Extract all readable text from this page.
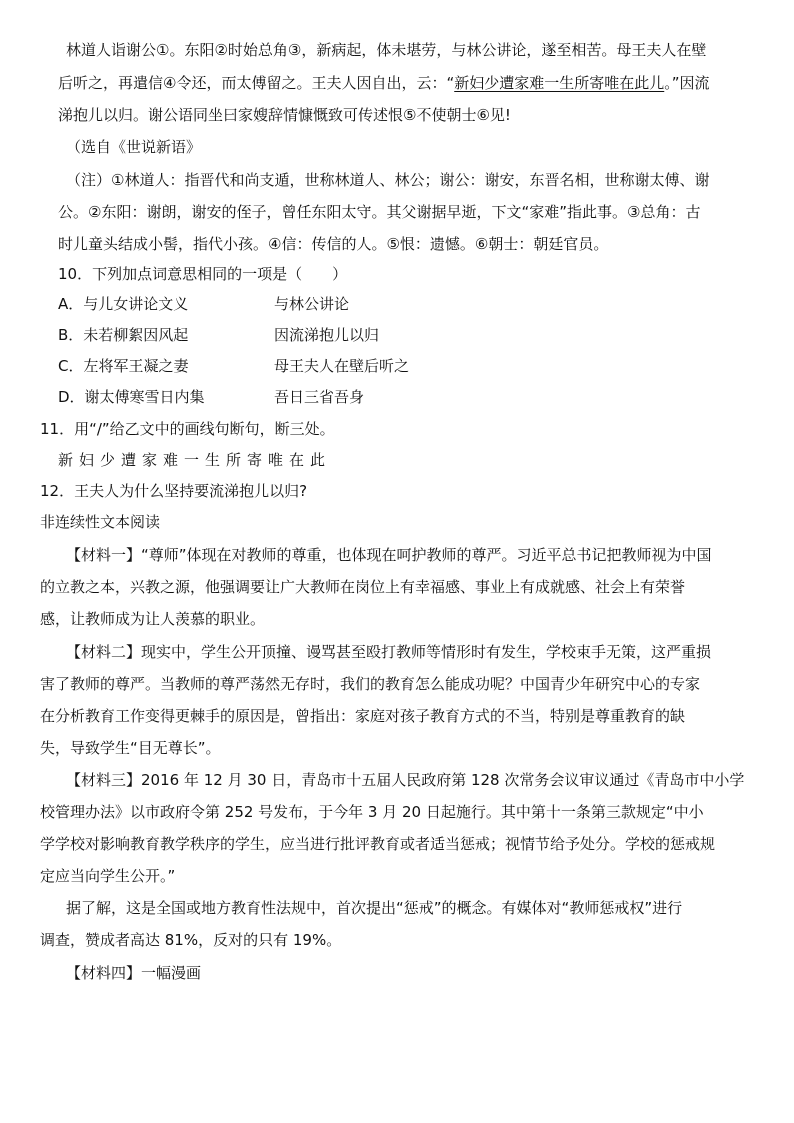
林道人诣谢公①。东阳②时始总角③，新病起，体未堪劳，与林公讲论，遂至相苦。母王夫人在壁

后听之，再遣信④令还，而太傅留之。王夫人因自出，云：“新妇少遭家难一生所寄唯在此儿。”因流

涕抱儿以归。谢公语同坐曰家嫂辞情慷慨致可传述恨⑤不使朝士⑥见!

（选自《世说新语》

（注）①林道人：指晋代和尚支遁，世称林道人、林公；谢公：谢安，东晋名相，世称谢太傅、谢

公。②东阳：谢朗，谢安的侄子，曾任东阳太守。其父谢据早逝，下文“家难”指此事。③总角：古

时儿童头结成小髻，指代小孩。④信：传信的人。⑤恨：遗憾。⑥朝士：朝廷官员。

10．下列加点词意思相同的一项是（　　）

A．与儿女讲论文义	与林公讲论
B．未若柳絮因风起	因流涕抱儿以归
C．左将军王凝之妻	母王夫人在壁后听之
D．谢太傅寒雪日内集	吾日三省吾身

11．用“/”给乙文中的画线句断句，断三处。

新妇少遭家难一生所寄唯在此

12．王夫人为什么坚持要流涕抱儿以归?

非连续性文本阅读

【材料一】“尊师”体现在对教师的尊重，也体现在呵护教师的尊严。习近平总书记把教师视为中国

的立教之本，兴教之源，他强调要让广大教师在岗位上有幸福感、事业上有成就感、社会上有荣誉

感，让教师成为让人羡慕的职业。

【材料二】现实中，学生公开顶撞、谩骂甚至殴打教师等情形时有发生，学校束手无策，这严重损

害了教师的尊严。当教师的尊严荡然无存时，我们的教育怎么能成功呢？中国青少年研究中心的专家

在分析教育工作变得更棘手的原因是，曾指出：家庭对孩子教育方式的不当，特别是尊重教育的缺

失，导致学生“目无尊长”。

【材料三】2016 年 12 月 30 日，青岛市十五届人民政府第 128 次常务会议审议通过《青岛市中小学

校管理办法》以市政府令第 252 号发布，于今年 3 月 20 日起施行。其中第十一条第三款规定“中小

学学校对影响教育教学秩序的学生，应当进行批评教育或者适当惩戒；视情节给予处分。学校的惩戒规

定应当向学生公开。”

据了解，这是全国或地方教育性法规中，首次提出“惩戒”的概念。有媒体对“教师惩戒权”进行

调查，赞成者高达 81%，反对的只有 19%。

【材料四】一幅漫画
